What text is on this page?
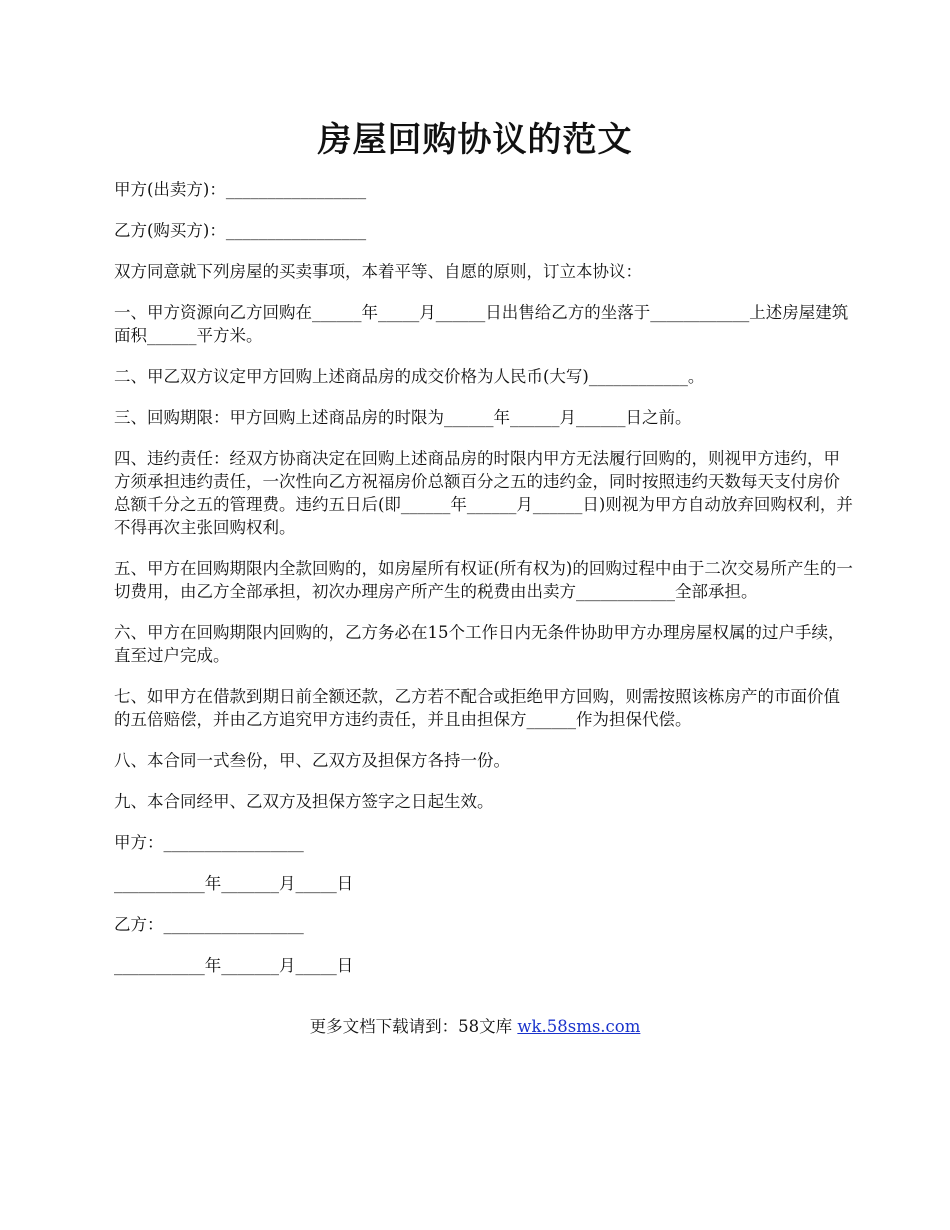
房屋回购协议的范文

甲方(出卖方)：_________________

乙方(购买方)：_________________

双方同意就下列房屋的买卖事项，本着平等、自愿的原则，订立本协议：

一、甲方资源向乙方回购在______年_____月______日出售给乙方的坐落于____________上述房屋建筑面积______平方米。

二、甲乙双方议定甲方回购上述商品房的成交价格为人民币(大写)____________。

三、回购期限：甲方回购上述商品房的时限为______年______月______日之前。

四、违约责任：经双方协商决定在回购上述商品房的时限内甲方无法履行回购的，则视甲方违约，甲方须承担违约责任，一次性向乙方祝福房价总额百分之五的违约金，同时按照违约天数每天支付房价总额千分之五的管理费。违约五日后(即______年______月______日)则视为甲方自动放弃回购权利，并不得再次主张回购权利。

五、甲方在回购期限内全款回购的，如房屋所有权证(所有权为)的回购过程中由于二次交易所产生的一切费用，由乙方全部承担，初次办理房产所产生的税费由出卖方____________全部承担。

六、甲方在回购期限内回购的，乙方务必在15个工作日内无条件协助甲方办理房屋权属的过户手续，直至过户完成。

七、如甲方在借款到期日前全额还款，乙方若不配合或拒绝甲方回购，则需按照该栋房产的市面价值的五倍赔偿，并由乙方追究甲方违约责任，并且由担保方______作为担保代偿。

八、本合同一式叁份，甲、乙双方及担保方各持一份。

九、本合同经甲、乙双方及担保方签字之日起生效。

甲方：_________________

___________年_______月_____日

乙方：_________________

___________年_______月_____日

更多文档下载请到：58文库 wk.58sms.com
